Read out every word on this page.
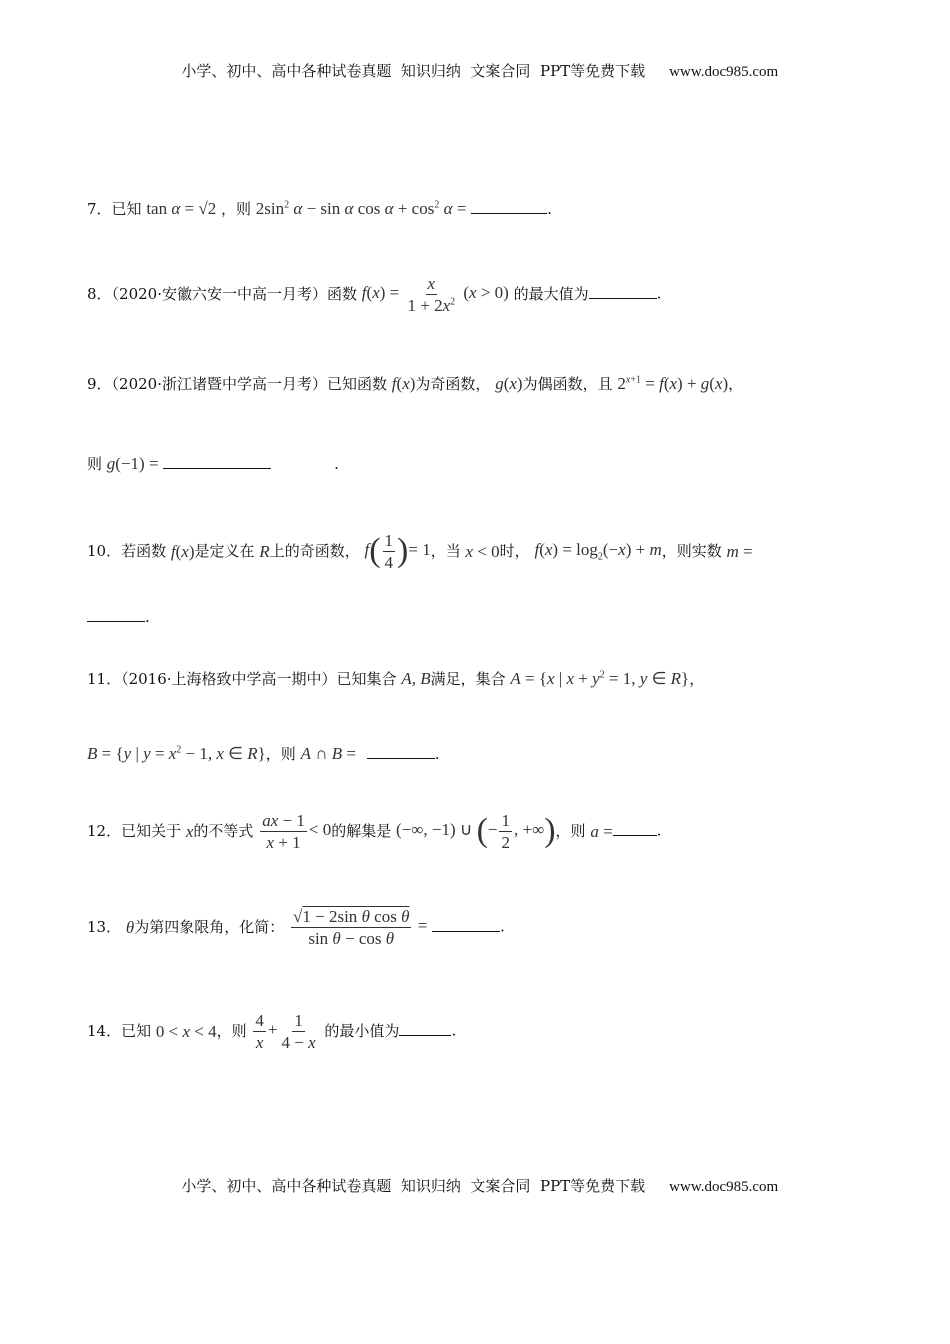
小学、初中、高中各种试卷真题  知识归纳  文案合同  PPT等免费下载 www.doc985.com

7．已知 tan α = √2 ，则 $2\sin^2$ α − sin α $\cos \alpha + \cos^2 \alpha$ =	.
8．（2020·安徽六安一中高一月考）函数 $f(x) = \frac{x}{1 + 2x^2} (x > 0)$ 的最大值为	.
9．（2020·浙江诸暨中学高一月考）已知函数 f(x)为奇函数， g(x)为偶函数，且 $2^{x+1} = f(x) + g(x)$，
则 g(−1) =	.
10．若函数 f(x)是定义在 R上的奇函数， $f( \frac{1}{4}$ )= 1，当 x < 0时， $f(x) = \log_2(-x) + m$，则实数 m =
.
11．（2016·上海格致中学高一期中）已知集合 A, B满足，集合 A = {x | $x + y^2 = 1$, y ∈ R}，
B = {y | $y = x^2 - 1$, x ∈ R}，则 A ∩ B =	.
12．已知关于 x的不等式 $\frac{ax - 1}{x + 1} < 0$的解集是 (−∞, −1) ∪ (− $\frac{1}{2}$ , +∞)，则 a =	.
13． θ为第四象限角，化简： $\frac{\text{√1 − 2sin θ cos θ}}{\text{sin θ − cos θ}}$ =	.
14．已知 0 < x < 4，则 $\frac{4}{x} + \frac{1}{4 - x}$ 的最小值为	.

小学、初中、高中各种试卷真题  知识归纳  文案合同  PPT等免费下载 www.doc985.com
